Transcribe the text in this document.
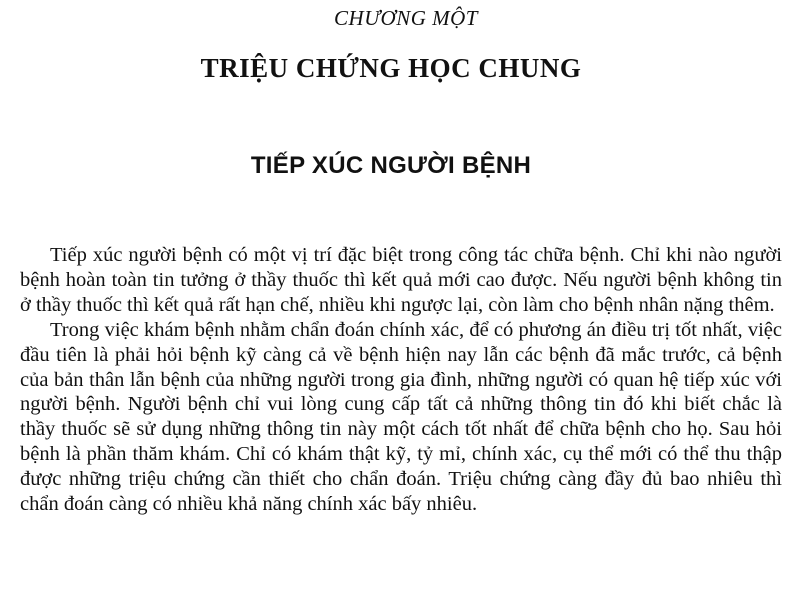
CHƯƠNG MỘT
TRIỆU CHỨNG HỌC CHUNG
TIẾP XÚC NGƯỜI BỆNH

Tiếp xúc người bệnh có một vị trí đặc biệt trong công tác chữa bệnh. Chỉ khi nào người bệnh hoàn toàn tin tưởng ở thầy thuốc thì kết quả mới cao được. Nếu người bệnh không tin ở thầy thuốc thì kết quả rất hạn chế, nhiều khi ngược lại, còn làm cho bệnh nhân nặng thêm.

Trong việc khám bệnh nhằm chẩn đoán chính xác, để có phương án điều trị tốt nhất, việc đầu tiên là phải hỏi bệnh kỹ càng cả về bệnh hiện nay lẫn các bệnh đã mắc trước, cả bệnh của bản thân lẫn bệnh của những người trong gia đình, những người có quan hệ tiếp xúc với người bệnh. Người bệnh chỉ vui lòng cung cấp tất cả những thông tin đó khi biết chắc là thầy thuốc sẽ sử dụng những thông tin này một cách tốt nhất để chữa bệnh cho họ. Sau hỏi bệnh là phần thăm khám. Chỉ có khám thật kỹ, tỷ mỉ, chính xác, cụ thể mới có thể thu thập được những triệu chứng cần thiết cho chẩn đoán. Triệu chứng càng đầy đủ bao nhiêu thì chẩn đoán càng có nhiều khả năng chính xác bấy nhiêu.
